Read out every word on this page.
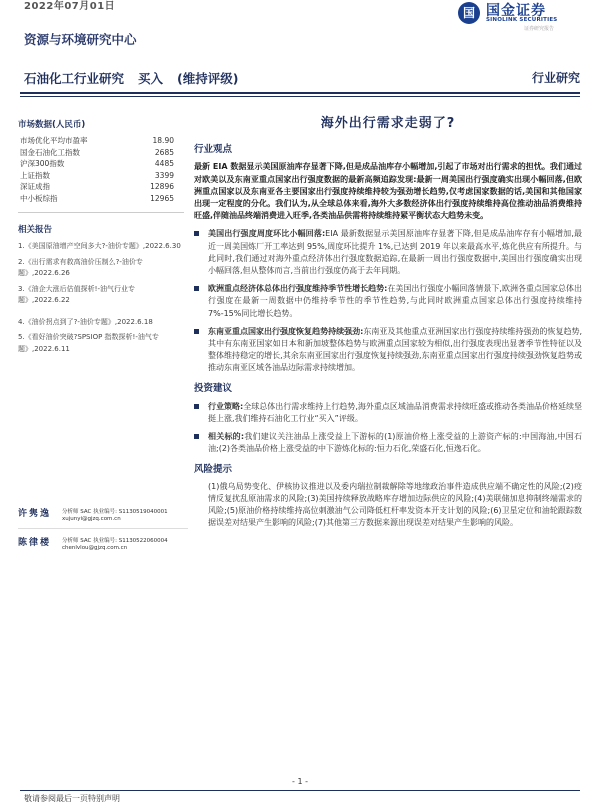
2022年07月01日	国 国金证券
SINOLINK SECURITIES
证券研究报告
资源与环境研究中心
石油化工行业研究 买入 (维持评级)	行业研究
市场数据(人民币)
市场优化平均市盈率	18.90
国金石油化工指数	2685
沪深300指数	4485
上证指数	3399
深证成指	12896
中小板综指	12965
相关报告
1.《美国原油增产空间多大?-油价专题》,2022.6.30
2.《出行需求有救高油价压制么?-油价专题》,2022.6.26
3.《油企大涨后估值探析!-油气行业专题》,2022.6.22
4.《油价拐点到了?-油价专题》,2022.6.18
5.《看好油价突破?SPSIOP 指数探析!-油气专题》,2022.6.11
许隽逸 分析师 SAC 执业编号: S1130519040001
xujunyi@gjzq.com.cn
陈律楼 分析师 SAC 执业编号: S1130522060004
chenlvlou@gjzq.com.cn
海外出行需求走弱了?
行业观点

最新 EIA 数据显示美国原油库存显著下降,但是成品油库存小幅增加,引起了市场对出行需求的担忧。我们通过对欧美以及东南亚重点国家出行强度数据的最新高频追踪发现:最新一周美国出行强度确实出现小幅回落,但欧洲重点国家以及东南亚各主要国家出行强度持续维持较为强劲增长趋势,仅考虑国家数据的话,美国和其他国家出现一定程度的分化。我们认为,从全球总体来看,海外大多数经济体出行强度持续维持高位推动油品消费维持旺盛,伴随油品终端消费进入旺季,各类油品供需将持续维持紧平衡状态大趋势未变。

美国出行强度周度环比小幅回落:EIA 最新数据显示美国原油库存显著下降,但是成品油库存有小幅增加,最近一周美国炼厂开工率达到 95%,周度环比提升 1%,已达到 2019 年以来最高水平,炼化供应有所提升。与此同时,我们通过对海外重点经济体出行强度数据追踪,在最新一周出行强度数据中,美国出行强度确实出现小幅回落,但从整体而言,当前出行强度仍高于去年同期。
欧洲重点经济体总体出行强度维持季节性增长趋势:在美国出行强度小幅回落情景下,欧洲各重点国家总体出行强度在最新一周数据中仍维持季节性的季节性趋势,与此同时欧洲重点国家总体出行强度持续维持 7%-15%同比增长趋势。
东南亚重点国家出行强度恢复趋势持续强劲:东南亚及其他重点亚洲国家出行强度持续维持强劲的恢复趋势,其中有东南亚国家如日本和新加坡整体趋势与欧洲重点国家较为相似,出行强度表现出显著季节性特征以及整体维持稳定的增长,其余东南亚国家出行强度恢复持续强劲,东南亚重点国家出行强度持续强劲恢复趋势或推动东南亚区域各油品边际需求持续增加。
投资建议
行业策略:全球总体出行需求维持上行趋势,海外重点区域油品消费需求持续旺盛或推动各类油品价格延续坚挺上涨,我们维持石油化工行业“买入”评级。
相关标的:我们建议关注油品上涨受益上下游标的(1)原油价格上涨受益的上游资产标的:中国海油,中国石油;(2)各类油品价格上涨受益的中下游炼化标的:恒力石化,荣盛石化,恒逸石化。
风险提示

(1)俄乌局势变化、伊核协议推进以及委内瑞拉制裁解除等地缘政治事件造成供应端不确定性的风险;(2)疫情反复扰乱原油需求的风险;(3)美国持续释放战略库存增加边际供应的风险;(4)美联储加息抑制终端需求的风险;(5)原油价格持续维持高位刺激油气公司降低杠杆率发资本开支计划的风险;(6)卫星定位和油轮跟踪数据误差对结果产生影响的风险;(7)其他第三方数据来源出现误差对结果产生影响的风险。

- 1 -
敬请参阅最后一页特别声明
